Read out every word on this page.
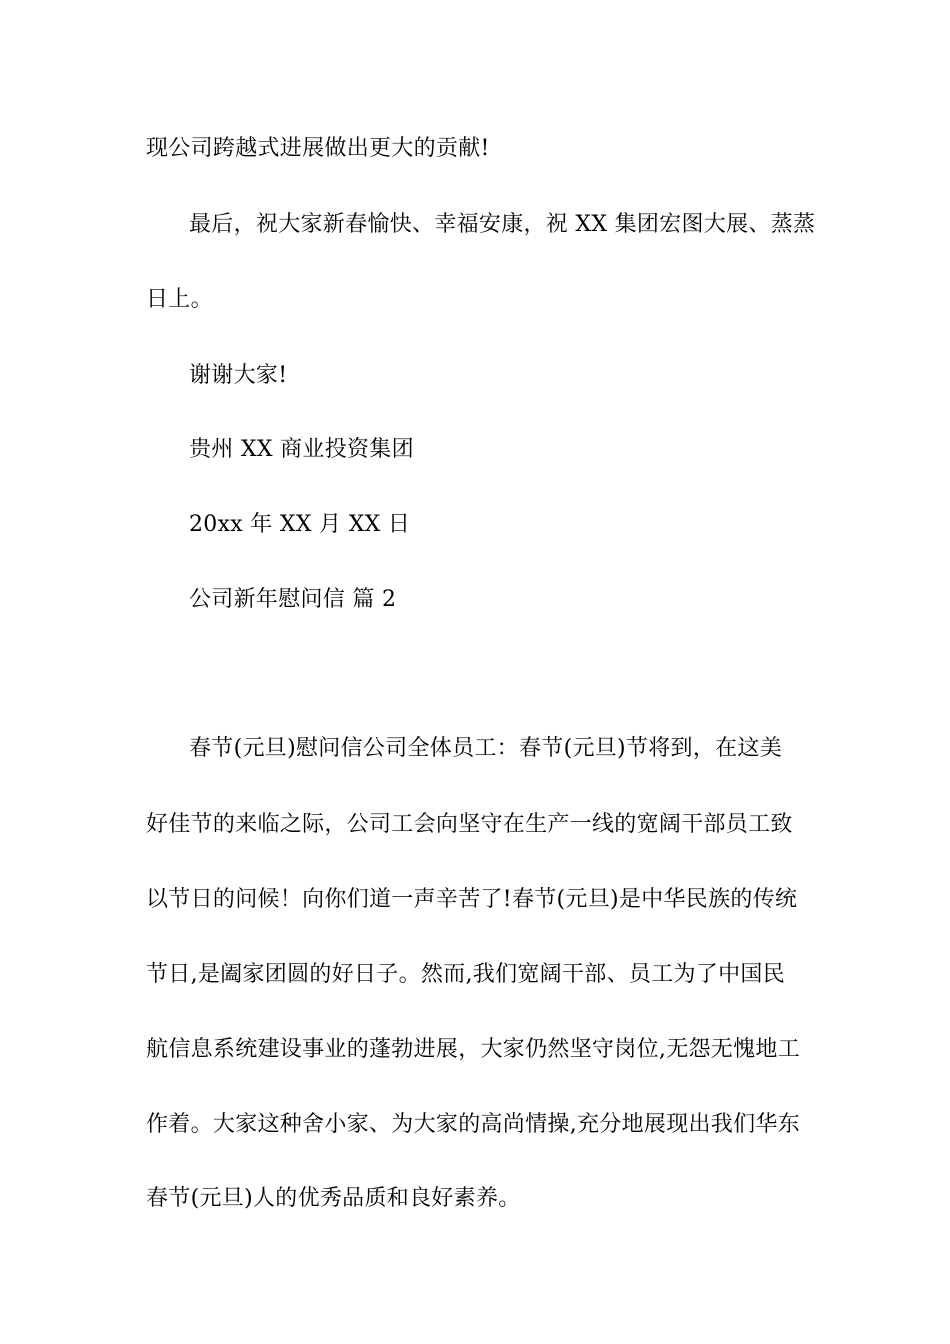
现公司跨越式进展做出更大的贡献!
最后，祝大家新春愉快、幸福安康，祝 XX 集团宏图大展、蒸蒸
日上。
谢谢大家!
贵州 XX 商业投资集团
20xx 年 XX 月 XX 日
公司新年慰问信 篇 2
春节(元旦)慰问信公司全体员工：春节(元旦)节将到，在这美
好佳节的来临之际，公司工会向坚守在生产一线的宽阔干部员工致
以节日的问候！向你们道一声辛苦了!春节(元旦)是中华民族的传统
节日,是阖家团圆的好日子。然而,我们宽阔干部、员工为了中国民
航信息系统建设事业的蓬勃进展，大家仍然坚守岗位,无怨无愧地工
作着。大家这种舍小家、为大家的高尚情操,充分地展现出我们华东
春节(元旦)人的优秀品质和良好素养。
